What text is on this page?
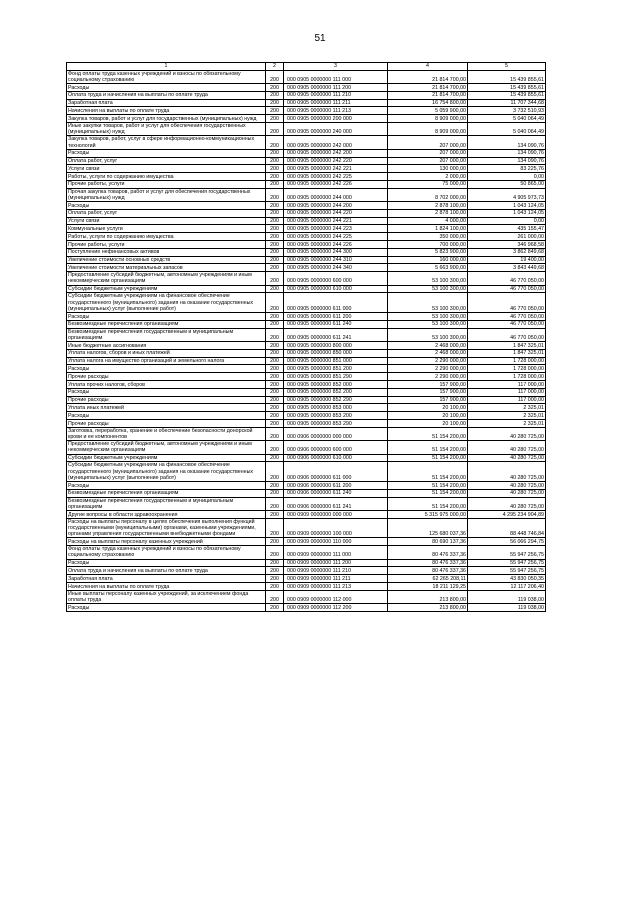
51
1	2	3	4	5
Фонд оплаты труда казенных учреждений и взносы по обязательному социальному страхованию	200	000 0905 0000000 111 000	21 814 700,00	15 439 855,61
Расходы	200	000 0905 0000000 111 200	21 814 700,00	15 439 855,61
Оплата труда и начисления на выплаты по оплате труда	200	000 0905 0000000 111 210	21 814 700,00	15 439 855,61
Заработная плата	200	000 0905 0000000 111 211	16 754 800,00	11 707 344,68
Начисления на выплаты по оплате труда	200	000 0905 0000000 111 213	5 059 900,00	3 732 510,93
Закупка товаров, работ и услуг для государственных (муниципальных) нужд	200	000 0905 0000000 200 000	8 909 000,00	5 040 064,49
Иные закупки товаров, работ и услуг для обеспечения государственных (муниципальных) нужд	200	000 0905 0000000 240 000	8 909 000,00	5 040 064,49
Закупка товаров, работ, услуг в сфере информационно-коммуникационных технологий	200	000 0905 0000000 242 000	207 000,00	134 090,76
Расходы	200	000 0905 0000000 242 200	207 000,00	134 090,76
Оплата работ, услуг	200	000 0905 0000000 242 220	207 000,00	134 090,76
Услуги связи	200	000 0905 0000000 242 221	130 000,00	83 225,76
Работы, услуги по содержанию имущества	200	000 0905 0000000 242 225	2 000,00	0,00
Прочие работы, услуги	200	000 0905 0000000 242 226	75 000,00	50 865,00
Прочая закупка товаров, работ и услуг для обеспечения государственных (муниципальных) нужд	200	000 0905 0000000 244 000	8 702 000,00	4 905 973,73
Расходы	200	000 0905 0000000 244 200	2 878 100,00	1 043 124,05
Оплата работ, услуг	200	000 0905 0000000 244 220	2 878 100,00	1 043 124,05
Услуги связи	200	000 0905 0000000 244 221	4 000,00	0,00
Коммунальные услуги	200	000 0905 0000000 244 223	1 824 100,00	435 155,47
Работы, услуги по содержанию имущества	200	000 0905 0000000 244 225	350 000,00	261 000,00
Прочие работы, услуги	200	000 0905 0000000 244 226	700 000,00	346 968,58
Поступление нефинансовых активов	200	000 0905 0000000 244 300	5 823 900,00	3 862 849,68
Увеличение стоимости основных средств	200	000 0905 0000000 244 310	160 000,00	19 400,00
Увеличение стоимости материальных запасов	200	000 0905 0000000 244 340	5 663 900,00	3 843 449,68
Предоставление субсидий бюджетным, автономным учреждениям и иным некоммерческим организациям	200	000 0905 0000000 600 000	53 100 300,00	46 770 050,00
Субсидии бюджетным учреждениям	200	000 0905 0000000 610 000	53 100 300,00	46 770 050,00
Субсидии бюджетным учреждениям на финансовое обеспечение государственного (муниципального) задания на оказание государственных (муниципальных) услуг (выполнение работ)	200	000 0905 0000000 611 000	53 100 300,00	46 770 050,00
Расходы	200	000 0905 0000000 611 200	53 100 300,00	46 770 050,00
Безвозмездные перечисления организациям	200	000 0905 0000000 611 240	53 100 300,00	46 770 050,00
Безвозмездные перечисления государственным и муниципальным организациям	200	000 0905 0000000 611 241	53 100 300,00	46 770 050,00
Иные бюджетные ассигнования	200	000 0905 0000000 800 000	2 468 000,00	1 847 325,01
Уплата налогов, сборов и иных платежей	200	000 0905 0000000 850 000	2 468 000,00	1 847 325,01
Уплата налога на имущество организаций и земельного налога	200	000 0905 0000000 851 000	2 290 000,00	1 728 000,00
Расходы	200	000 0905 0000000 851 200	2 290 000,00	1 728 000,00
Прочие расходы	200	000 0905 0000000 851 290	2 290 000,00	1 728 000,00
Уплата прочих налогов, сборов	200	000 0905 0000000 852 000	157 900,00	117 000,00
Расходы	200	000 0905 0000000 852 200	157 900,00	117 000,00
Прочие расходы	200	000 0905 0000000 852 290	157 900,00	117 000,00
Уплата иных платежей	200	000 0905 0000000 853 000	20 100,00	2 325,01
Расходы	200	000 0905 0000000 853 200	20 100,00	2 325,01
Прочие расходы	200	000 0905 0000000 853 290	20 100,00	2 325,01
Заготовка, переработка, хранение и обеспечение безопасности донорской крови и ее компонентов	200	000 0906 0000000 000 000	51 154 200,00	40 280 725,00
Предоставление субсидий бюджетным, автономным учреждениям и иным некоммерческим организациям	200	000 0906 0000000 600 000	51 154 200,00	40 280 725,00
Субсидии бюджетным учреждениям	200	000 0906 0000000 610 000	51 154 200,00	40 280 725,00
Субсидии бюджетным учреждениям на финансовое обеспечение государственного (муниципального) задания на оказание государственных (муниципальных) услуг (выполнение работ)	200	000 0906 0000000 611 000	51 154 200,00	40 280 725,00
Расходы	200	000 0906 0000000 611 200	51 154 200,00	40 280 725,00
Безвозмездные перечисления организациям	200	000 0906 0000000 611 240	51 154 200,00	40 280 725,00
Безвозмездные перечисления государственным и муниципальным организациям	200	000 0906 0000000 611 241	51 154 200,00	40 280 725,00
Другие вопросы в области здравоохранения	200	000 0909 0000000 000 000	5 315 975 000,00	4 295 234 904,89
Расходы на выплаты персоналу в целях обеспечения выполнения функций государственными (муниципальными) органами, казенными учреждениями, органами управления государственными внебюджетными фондами	200	000 0909 0000000 100 000	125 680 037,36	88 448 746,84
Расходы на выплаты персоналу казенных учреждений	200	000 0909 0000000 110 000	80 690 137,36	56 066 294,75
Фонд оплаты труда казенных учреждений и взносы по обязательному социальному страхованию	200	000 0909 0000000 111 000	80 476 337,36	55 947 256,75
Расходы	200	000 0909 0000000 111 200	80 476 337,36	55 947 256,75
Оплата труда и начисления на выплаты по оплате труда	200	000 0909 0000000 111 210	80 476 337,36	55 947 256,75
Заработная плата	200	000 0909 0000000 111 211	62 265 208,11	43 830 050,35
Начисления на выплаты по оплате труда	200	000 0909 0000000 111 213	18 211 129,25	12 117 206,40
Иные выплаты персоналу казенных учреждений, за исключением фонда оплаты труда	200	000 0909 0000000 112 000	213 800,00	119 038,00
Расходы	200	000 0909 0000000 112 200	213 800,00	119 038,00
